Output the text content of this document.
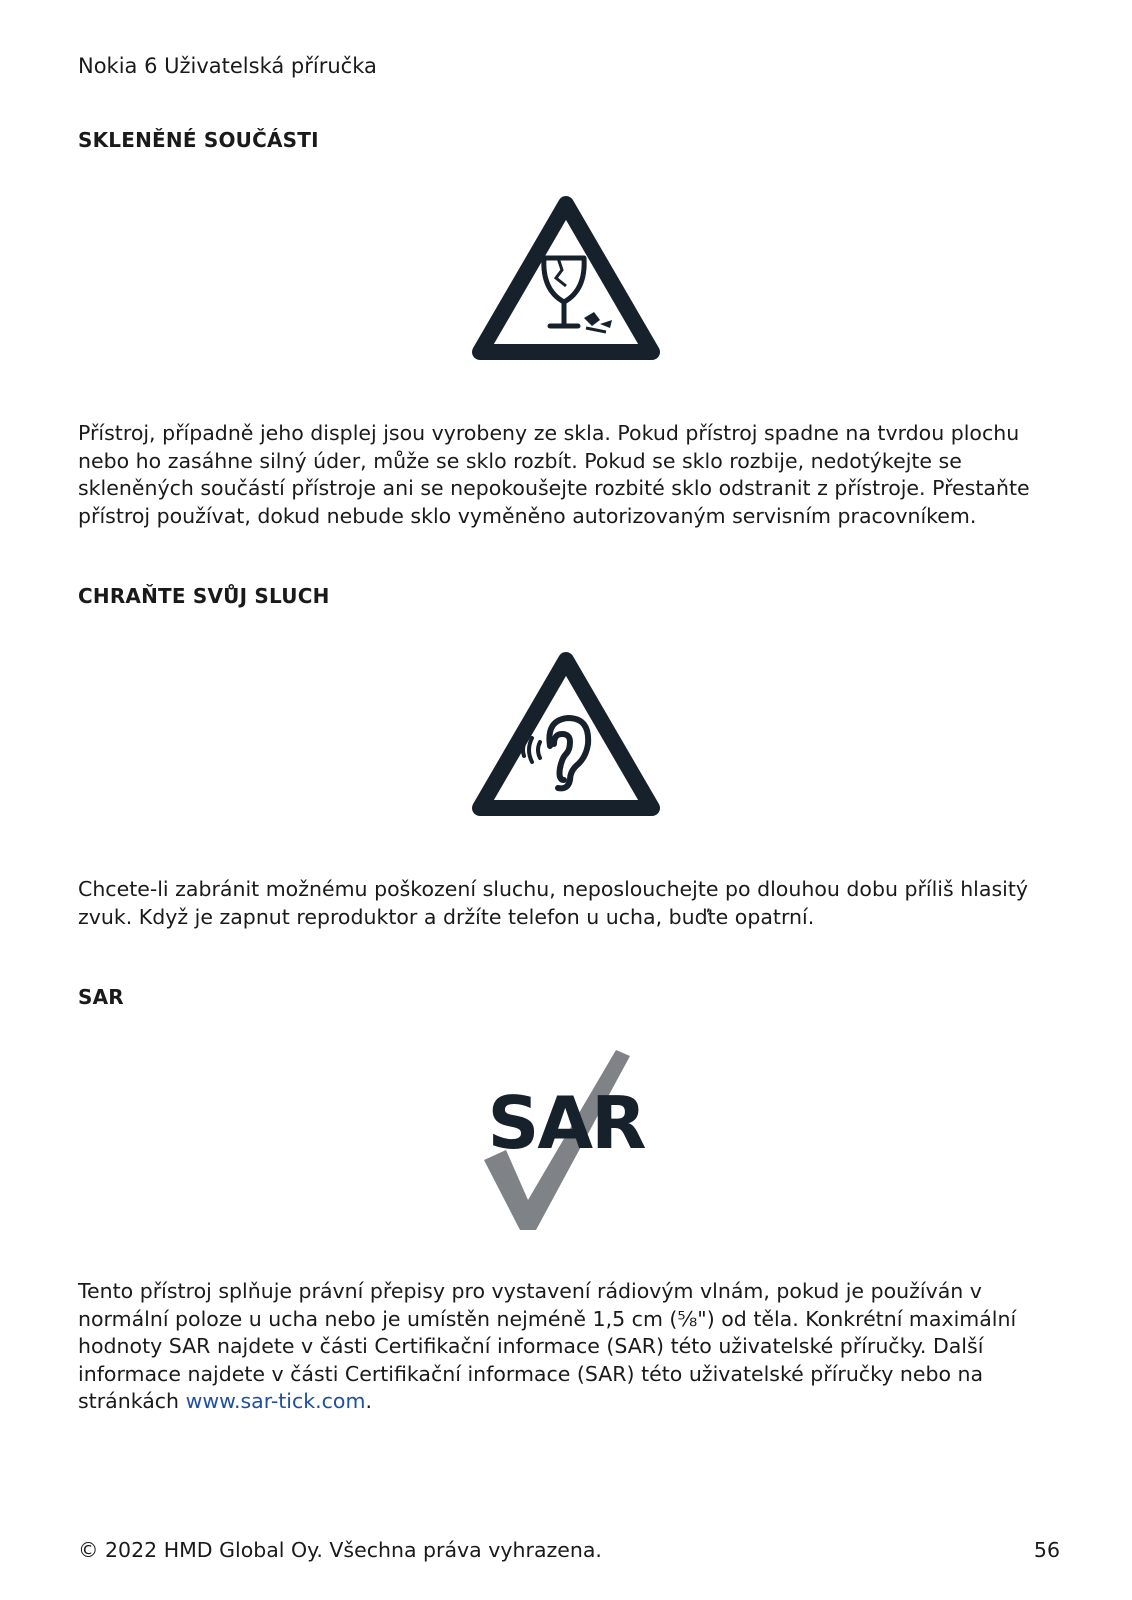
Nokia 6 Uživatelská příručka
SKLENĚNÉ SOUČÁSTI
Přístroj, případně jeho displej jsou vyrobeny ze skla. Pokud přístroj spadne na tvrdou plochu nebo ho zasáhne silný úder, může se sklo rozbít. Pokud se sklo rozbije, nedotýkejte se skleněných součástí přístroje ani se nepokoušejte rozbité sklo odstranit z přístroje. Přestaňte přístroj používat, dokud nebude sklo vyměněno autorizovaným servisním pracovníkem.
CHRAŇTE SVŮJ SLUCH
Chcete-li zabránit možnému poškození sluchu, neposlouchejte po dlouhou dobu příliš hlasitý zvuk. Když je zapnut reproduktor a držíte telefon u ucha, buďte opatrní.
SAR
SAR
Tento přístroj splňuje právní přepisy pro vystavení rádiovým vlnám, pokud je používán v normální poloze u ucha nebo je umístěn nejméně 1,5 cm (⅝") od těla. Konkrétní maximální hodnoty SAR najdete v části Certifikační informace (SAR) této uživatelské příručky. Další informace najdete v části Certifikační informace (SAR) této uživatelské příručky nebo na stránkách www.sar-tick.com.
© 2022 HMD Global Oy. Všechna práva vyhrazena.	56
